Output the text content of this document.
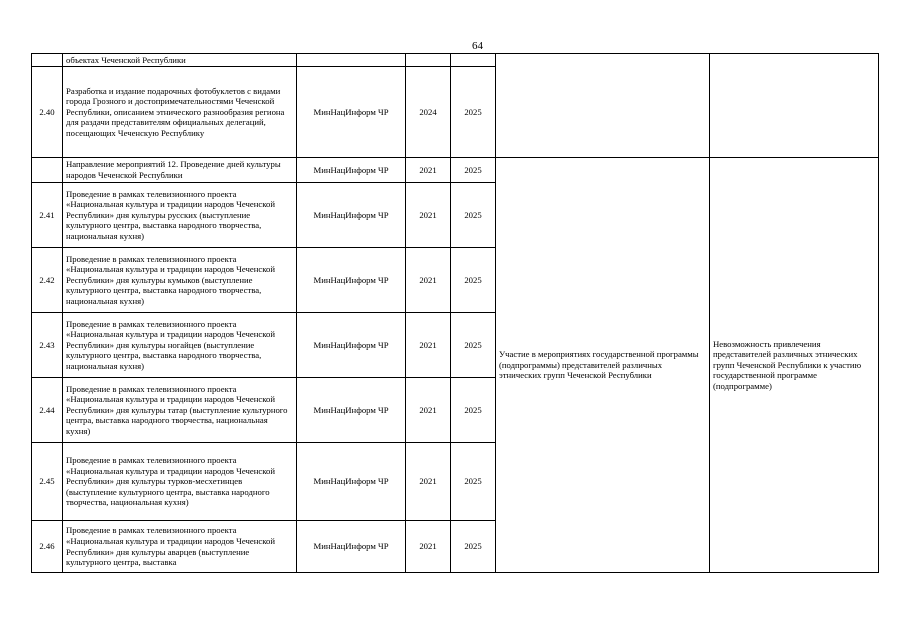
64
	объектах Чеченской Республики					
2.40	Разработка и издание подарочных фотобуклетов с видами города Грозного и достопримечательностями Чеченской Республики, описанием этнического разнообразия региона для раздачи представителям официальных делегаций, посещающих Чеченскую Республику	МинНацИнформ ЧР	2024	2025		
	Направление мероприятий 12. Проведение дней культуры народов Чеченской Республики	МинНацИнформ ЧР	2021	2025	Участие в мероприятиях государственной программы (подпрограммы) представителей различных этнических групп Чеченской Республики	Невозможность привлечения представителей различных этнических групп Чеченской Республики к участию государственной программе (подпрограмме)
2.41	Проведение в рамках телевизионного проекта «Национальная культура и традиции народов Чеченской Республики» дня культуры русских (выступление культурного центра, выставка народного творчества, национальная кухня)	МинНацИнформ ЧР	2021	2025		
2.42	Проведение в рамках телевизионного проекта «Национальная культура и традиции народов Чеченской Республики» дня культуры кумыков (выступление культурного центра, выставка народного творчества, национальная кухня)	МинНацИнформ ЧР	2021	2025		
2.43	Проведение в рамках телевизионного проекта «Национальная культура и традиции народов Чеченской Республики» дня культуры ногайцев (выступление культурного центра, выставка народного творчества, национальная кухня)	МинНацИнформ ЧР	2021	2025		
2.44	Проведение в рамках телевизионного проекта «Национальная культура и традиции народов Чеченской Республики» дня культуры татар (выступление культурного центра, выставка народного творчества, национальная кухня)	МинНацИнформ ЧР	2021	2025		
2.45	Проведение в рамках телевизионного проекта «Национальная культура и традиции народов Чеченской Республики» дня культуры турков-месхетинцев (выступление культурного центра, выставка народного творчества, национальная кухня)	МинНацИнформ ЧР	2021	2025		
2.46	Проведение в рамках телевизионного проекта «Национальная культура и традиции народов Чеченской Республики» дня культуры аварцев (выступление культурного центра, выставка	МинНацИнформ ЧР	2021	2025		
